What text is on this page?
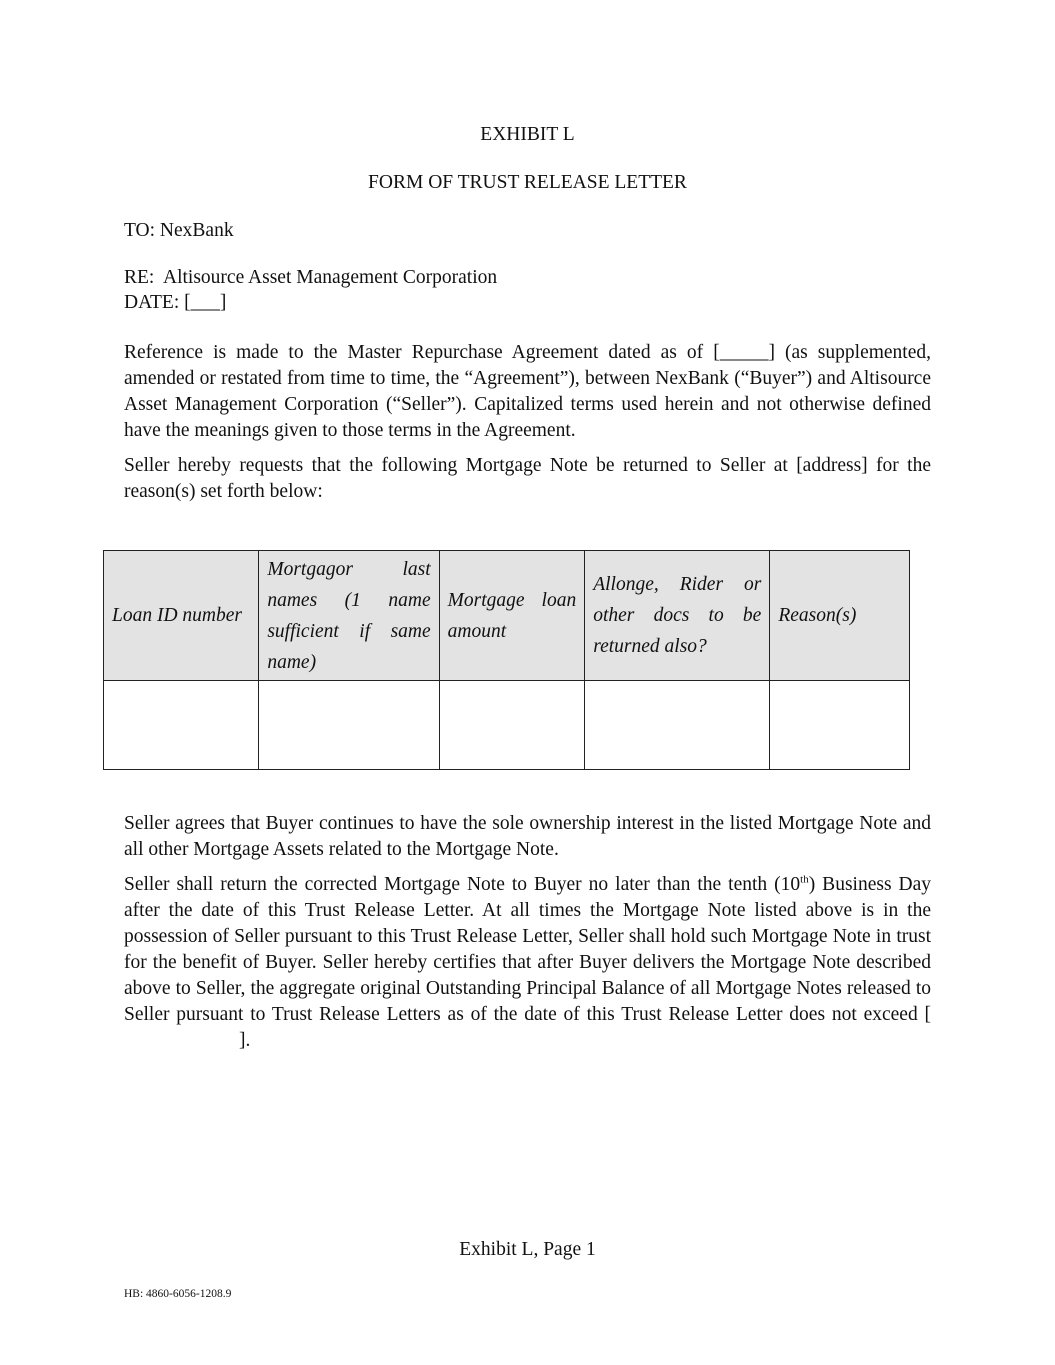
EXHIBIT L
FORM OF TRUST RELEASE LETTER
TO: NexBank
RE:  Altisource Asset Management Corporation
DATE: [___]

Reference is made to the Master Repurchase Agreement dated as of [_____] (as supplemented, amended or restated from time to time, the “Agreement”), between NexBank (“Buyer”) and Altisource Asset Management Corporation (“Seller”). Capitalized terms used herein and not otherwise defined have the meanings given to those terms in the Agreement.

Seller hereby requests that the following Mortgage Note be returned to Seller at [address] for the reason(s) set forth below:

Loan ID number	Mortgagor last names (1 name sufficient if same name)	Mortgage loan amount	Allonge, Rider or other docs to be returned also?	Reason(s)

Seller agrees that Buyer continues to have the sole ownership interest in the listed Mortgage Note and all other Mortgage Assets related to the Mortgage Note.

Seller shall return the corrected Mortgage Note to Buyer no later than the tenth (10th) Business Day after the date of this Trust Release Letter. At all times the Mortgage Note listed above is in the possession of Seller pursuant to this Trust Release Letter, Seller shall hold such Mortgage Note in trust for the benefit of Buyer. Seller hereby certifies that after Buyer delivers the Mortgage Note described above to Seller, the aggregate original Outstanding Principal Balance of all Mortgage Notes released to Seller pursuant to Trust Release Letters as of the date of this Trust Release Letter does not exceed [].

Exhibit L, Page 1
HB: 4860-6056-1208.9
